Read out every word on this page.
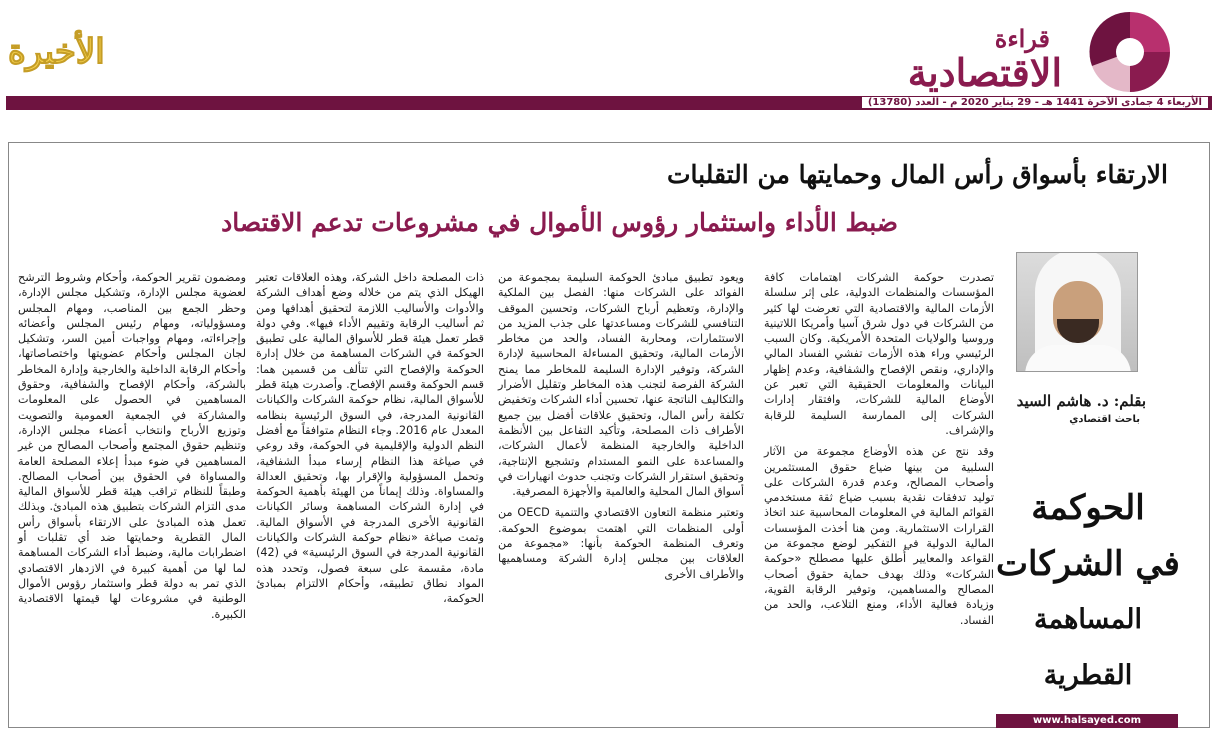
قراءة
الاقتصادية
الأخيرة
الأربعاء 4 جمادى الآخرة 1441 هـ - 29 يناير 2020 م - العدد (13780)
الارتقاء بأسواق رأس المال وحمايتها من التقلبات
ضبط الأداء واستثمار رؤوس الأموال في مشروعات تدعم الاقتصاد
بقلم: د. هاشم السيد
باحث اقتصادي
الحوكمة
في الشركات
المساهمة القطرية

تصدرت حوكمة الشركات اهتمامات كافة المؤسسات والمنظمات الدولية، على إثر سلسلة الأزمات المالية والاقتصادية التي تعرضت لها كثير من الشركات في دول شرق آسيا وأمريكا اللاتينية وروسيا والولايات المتحدة الأمريكية. وكان السبب الرئيسي وراء هذه الأزمات تفشي الفساد المالي والإداري، ونقص الإفصاح والشفافية، وعدم إظهار البيانات والمعلومات الحقيقية التي تعبر عن الأوضاع المالية للشركات، وافتقار إدارات الشركات إلى الممارسة السليمة للرقابة والإشراف.

وقد نتج عن هذه الأوضاع مجموعة من الآثار السلبية من بينها ضياع حقوق المستثمرين وأصحاب المصالح، وعدم قدرة الشركات على توليد تدفقات نقدية بسبب ضياع ثقة مستخدمي القوائم المالية في المعلومات المحاسبية عند اتخاذ القرارات الاستثمارية. ومن هنا أخذت المؤسسات المالية الدولية في التفكير لوضع مجموعة من القواعد والمعايير أُطلق عليها مصطلح «حوكمة الشركات» وذلك بهدف حماية حقوق أصحاب المصالح والمساهمين، وتوفير الرقابة القوية، وزيادة فعالية الأداء، ومنع التلاعب، والحد من الفساد.

ويعود تطبيق مبادئ الحوكمة السليمة بمجموعة من الفوائد على الشركات منها: الفصل بين الملكية والإدارة، وتعظيم أرباح الشركات، وتحسين الموقف التنافسي للشركات ومساعدتها على جذب المزيد من الاستثمارات، ومحاربة الفساد، والحد من مخاطر الأزمات المالية، وتحقيق المساءلة المحاسبية لإدارة الشركة، وتوفير الإدارة السليمة للمخاطر مما يمنح الشركة الفرصة لتجنب هذه المخاطر وتقليل الأضرار والتكاليف الناتجة عنها، تحسين أداء الشركات وتخفيض تكلفة رأس المال، وتحقيق علاقات أفضل بين جميع الأطراف ذات المصلحة، وتأكيد التفاعل بين الأنظمة الداخلية والخارجية المنظمة لأعمال الشركات، والمساعدة على النمو المستدام وتشجيع الإنتاجية، وتحقيق استقرار الشركات وتجنب حدوث انهيارات في أسواق المال المحلية والعالمية والأجهزة المصرفية.

وتعتبر منظمة التعاون الاقتصادي والتنمية OECD من أولى المنظمات التي اهتمت بموضوع الحوكمة. وتعرف المنظمة الحوكمة بأنها: «مجموعة من العلاقات بين مجلس إدارة الشركة ومساهميها والأطراف الأخرى

ذات المصلحة داخل الشركة، وهذه العلاقات تعتبر الهيكل الذي يتم من خلاله وضع أهداف الشركة والأدوات والأساليب اللازمة لتحقيق أهدافها ومن ثم أساليب الرقابة وتقييم الأداء فيها». وفي دولة قطر تعمل هيئة قطر للأسواق المالية على تطبيق الحوكمة في الشركات المساهمة من خلال إدارة الحوكمة والإفصاح التي تتألف من قسمين هما: قسم الحوكمة وقسم الإفصاح. وأصدرت هيئة قطر للأسواق المالية، نظام حوكمة الشركات والكيانات القانونية المدرجة، في السوق الرئيسية بنظامه المعدل عام 2016. وجاء النظام متوافقاً مع أفضل النظم الدولية والإقليمية في الحوكمة، وقد روعي في صياغة هذا النظام إرساء مبدأ الشفافية، وتحمل المسؤولية والإقرار بها، وتحقيق العدالة والمساواة. وذلك إيماناً من الهيئة بأهمية الحوكمة في إدارة الشركات المساهمة وسائر الكيانات القانونية الأخرى المدرجة في الأسواق المالية. وتمت صياغة «نظام حوكمة الشركات والكيانات القانونية المدرجة في السوق الرئيسية» في (42) مادة، مقسمة على سبعة فصول، وتحدد هذه المواد نطاق تطبيقه، وأحكام الالتزام بمبادئ الحوكمة،

ومضمون تقرير الحوكمة، وأحكام وشروط الترشح لعضوية مجلس الإدارة، وتشكيل مجلس الإدارة، وحظر الجمع بين المناصب، ومهام المجلس ومسؤولياته، ومهام رئيس المجلس وأعضائه وإجراءاته، ومهام وواجبات أمين السر، وتشكيل لجان المجلس وأحكام عضويتها واختصاصاتها، وأحكام الرقابة الداخلية والخارجية وإدارة المخاطر بالشركة، وأحكام الإفصاح والشفافية، وحقوق المساهمين في الحصول على المعلومات والمشاركة في الجمعية العمومية والتصويت وتوزيع الأرباح وانتخاب أعضاء مجلس الإدارة، وتنظيم حقوق المجتمع وأصحاب المصالح من غير المساهمين في ضوء مبدأ إعلاء المصلحة العامة والمساواة في الحقوق بين أصحاب المصالح. وطبقاً للنظام تراقب هيئة قطر للأسواق المالية مدى التزام الشركات بتطبيق هذه المبادئ. وبذلك تعمل هذه المبادئ على الارتقاء بأسواق رأس المال القطرية وحمايتها ضد أي تقلبات أو اضطرابات مالية، وضبط أداء الشركات المساهمة لما لها من أهمية كبيرة في الازدهار الاقتصادي الذي تمر به دولة قطر واستثمار رؤوس الأموال الوطنية في مشروعات لها قيمتها الاقتصادية الكبيرة.

www.halsayed.com
